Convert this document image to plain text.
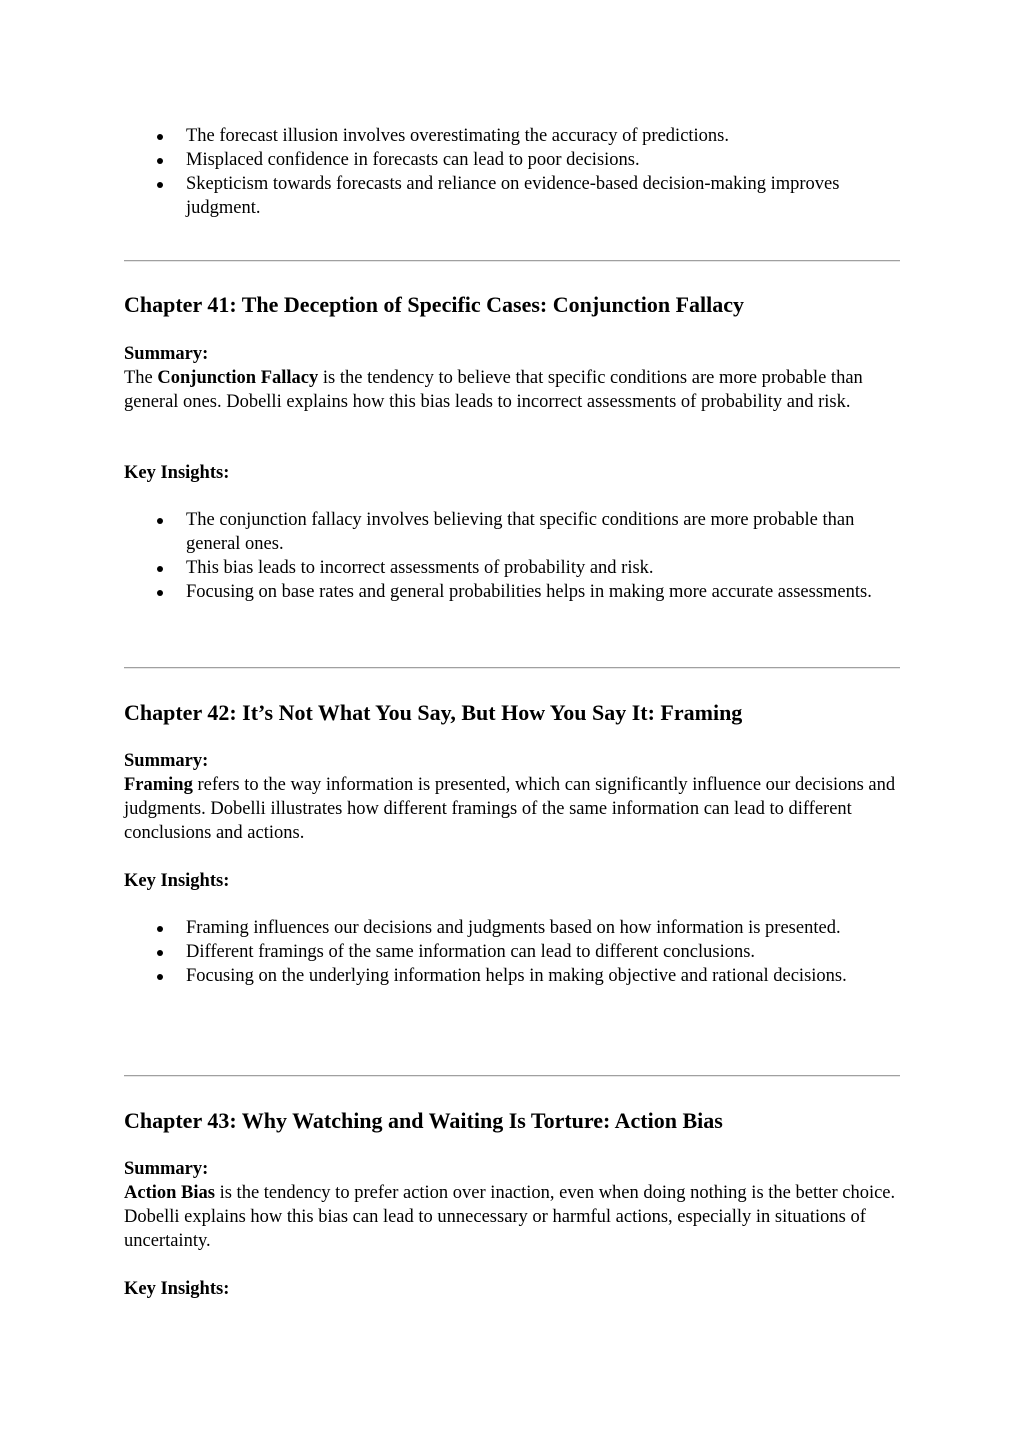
The forecast illusion involves overestimating the accuracy of predictions.
Misplaced confidence in forecasts can lead to poor decisions.
Skepticism towards forecasts and reliance on evidence-based decision-making improves judgment.
Chapter 41: The Deception of Specific Cases: Conjunction Fallacy
Summary:
The Conjunction Fallacy is the tendency to believe that specific conditions are more probable than general ones. Dobelli explains how this bias leads to incorrect assessments of probability and risk.
Key Insights:
The conjunction fallacy involves believing that specific conditions are more probable than general ones.
This bias leads to incorrect assessments of probability and risk.
Focusing on base rates and general probabilities helps in making more accurate assessments.
Chapter 42: It’s Not What You Say, But How You Say It: Framing
Summary:
Framing refers to the way information is presented, which can significantly influence our decisions and judgments. Dobelli illustrates how different framings of the same information can lead to different conclusions and actions.
Key Insights:
Framing influences our decisions and judgments based on how information is presented.
Different framings of the same information can lead to different conclusions.
Focusing on the underlying information helps in making objective and rational decisions.
Chapter 43: Why Watching and Waiting Is Torture: Action Bias
Summary:
Action Bias is the tendency to prefer action over inaction, even when doing nothing is the better choice. Dobelli explains how this bias can lead to unnecessary or harmful actions, especially in situations of uncertainty.
Key Insights:
